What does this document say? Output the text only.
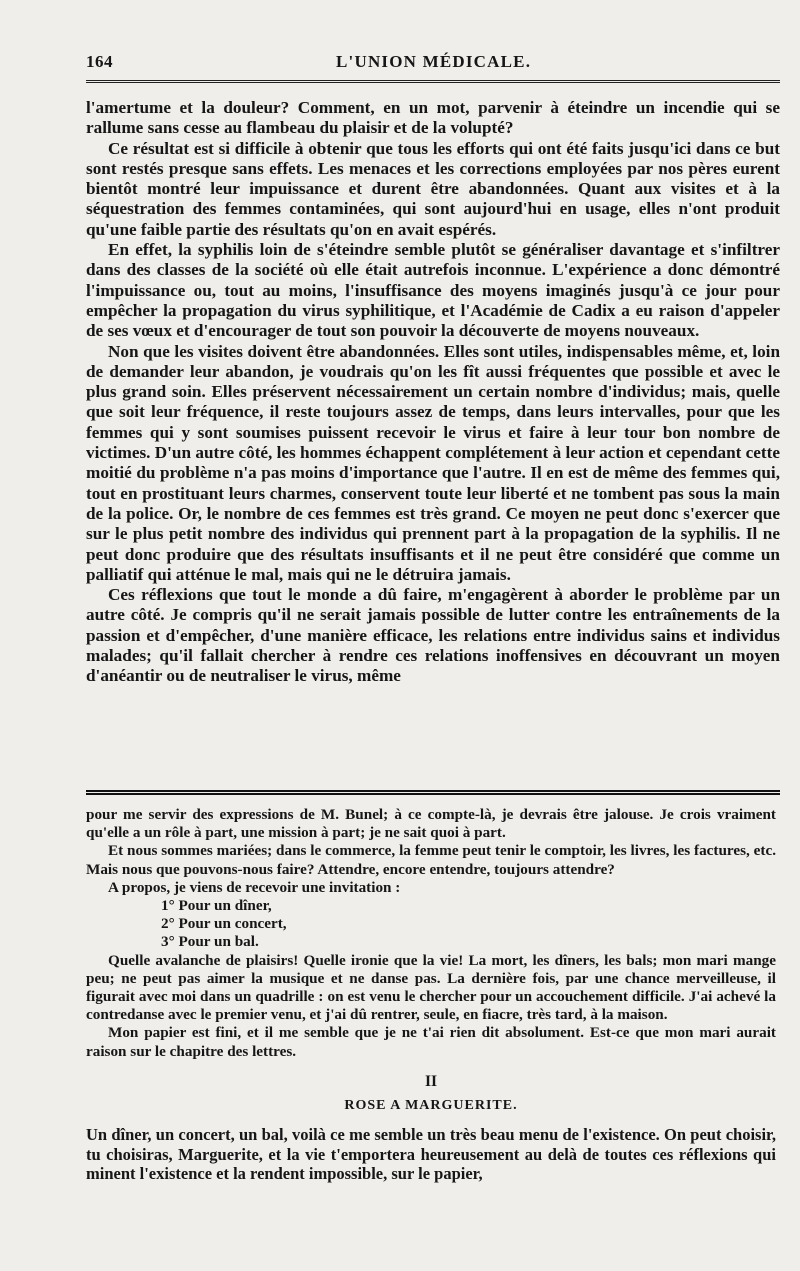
164	L'UNION MÉDICALE.

l'amertume et la douleur? Comment, en un mot, parvenir à éteindre un incendie qui se rallume sans cesse au flambeau du plaisir et de la volupté?

Ce résultat est si difficile à obtenir que tous les efforts qui ont été faits jusqu'ici dans ce but sont restés presque sans effets. Les menaces et les corrections employées par nos pères eurent bientôt montré leur impuissance et durent être abandonnées. Quant aux visites et à la séquestration des femmes contaminées, qui sont aujourd'hui en usage, elles n'ont produit qu'une faible partie des résultats qu'on en avait espérés.

En effet, la syphilis loin de s'éteindre semble plutôt se généraliser davantage et s'infiltrer dans des classes de la société où elle était autrefois inconnue. L'expérience a donc démontré l'impuissance ou, tout au moins, l'insuffisance des moyens imaginés jusqu'à ce jour pour empêcher la propagation du virus syphilitique, et l'Académie de Cadix a eu raison d'appeler de ses vœux et d'encourager de tout son pouvoir la découverte de moyens nouveaux.

Non que les visites doivent être abandonnées. Elles sont utiles, indispensables même, et, loin de demander leur abandon, je voudrais qu'on les fît aussi fréquentes que possible et avec le plus grand soin. Elles préservent nécessairement un certain nombre d'individus; mais, quelle que soit leur fréquence, il reste toujours assez de temps, dans leurs intervalles, pour que les femmes qui y sont soumises puissent recevoir le virus et faire à leur tour bon nombre de victimes. D'un autre côté, les hommes échappent complétement à leur action et cependant cette moitié du problème n'a pas moins d'importance que l'autre. Il en est de même des femmes qui, tout en prostituant leurs charmes, conservent toute leur liberté et ne tombent pas sous la main de la police. Or, le nombre de ces femmes est très grand. Ce moyen ne peut donc s'exercer que sur le plus petit nombre des individus qui prennent part à la propagation de la syphilis. Il ne peut donc produire que des résultats insuffisants et il ne peut être considéré que comme un palliatif qui atténue le mal, mais qui ne le détruira jamais.

Ces réflexions que tout le monde a dû faire, m'engagèrent à aborder le problème par un autre côté. Je compris qu'il ne serait jamais possible de lutter contre les entraînements de la passion et d'empêcher, d'une manière efficace, les relations entre individus sains et individus malades; qu'il fallait chercher à rendre ces relations inoffensives en découvrant un moyen d'anéantir ou de neutraliser le virus, même

pour me servir des expressions de M. Bunel; à ce compte-là, je devrais être jalouse. Je crois vraiment qu'elle a un rôle à part, une mission à part; je ne sait quoi à part.

Et nous sommes mariées; dans le commerce, la femme peut tenir le comptoir, les livres, les factures, etc. Mais nous que pouvons-nous faire? Attendre, encore entendre, toujours attendre?

A propos, je viens de recevoir une invitation :

1° Pour un dîner,

2° Pour un concert,

3° Pour un bal.

Quelle avalanche de plaisirs! Quelle ironie que la vie! La mort, les dîners, les bals; mon mari mange peu; ne peut pas aimer la musique et ne danse pas. La dernière fois, par une chance merveilleuse, il figurait avec moi dans un quadrille : on est venu le chercher pour un accouchement difficile. J'ai achevé la contredanse avec le premier venu, et j'ai dû rentrer, seule, en fiacre, très tard, à la maison.

Mon papier est fini, et il me semble que je ne t'ai rien dit absolument. Est-ce que mon mari aurait raison sur le chapitre des lettres.

II
ROSE A MARGUERITE.

Un dîner, un concert, un bal, voilà ce me semble un très beau menu de l'existence. On peut choisir, tu choisiras, Marguerite, et la vie t'emportera heureusement au delà de toutes ces réflexions qui minent l'existence et la rendent impossible, sur le papier,
